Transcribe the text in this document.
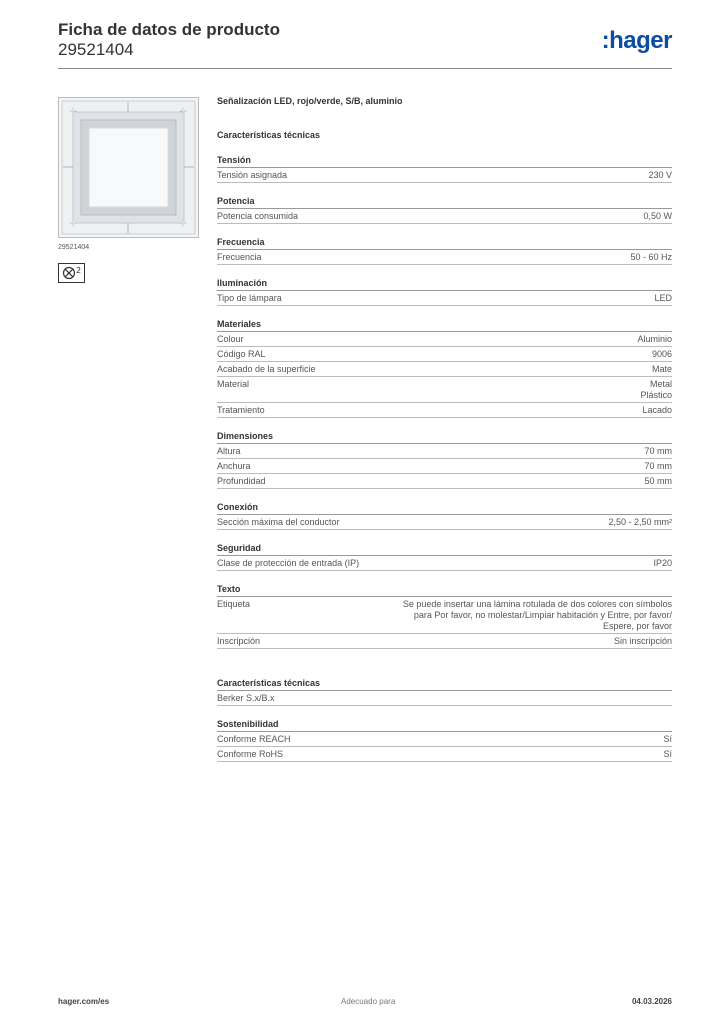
Ficha de datos de producto
29521404	:hager
+
+
+
+
29521404
2
Señalización LED, rojo/verde, S/B, aluminio
Características técnicas
Tensión
Tensión asignada	230 V
Potencia
Potencia consumida	0,50 W
Frecuencia
Frecuencia	50 - 60 Hz
Iluminación
Tipo de lámpara	LED
Materiales
Colour	Aluminio
Código RAL	9006
Acabado de la superficie	Mate
Material	Metal
Plástico
Tratamiento	Lacado
Dimensiones
Altura	70 mm
Anchura	70 mm
Profundidad	50 mm
Conexión
Sección máxima del conductor	2,50 - 2,50 mm²
Seguridad
Clase de protección de entrada (IP)	IP20
Texto
Etiqueta	Se puede insertar una lámina rotulada de dos colores con símbolos
para Por favor, no molestar/Limpiar habitación y Entre, por favor/
Espere, por favor
Inscripción	Sin inscripción
Características técnicas
Berker S.x/B.x
Sostenibilidad
Conforme REACH	Sí
Conforme RoHS	Sí
hager.com/es	Adecuado para	04.03.2026
